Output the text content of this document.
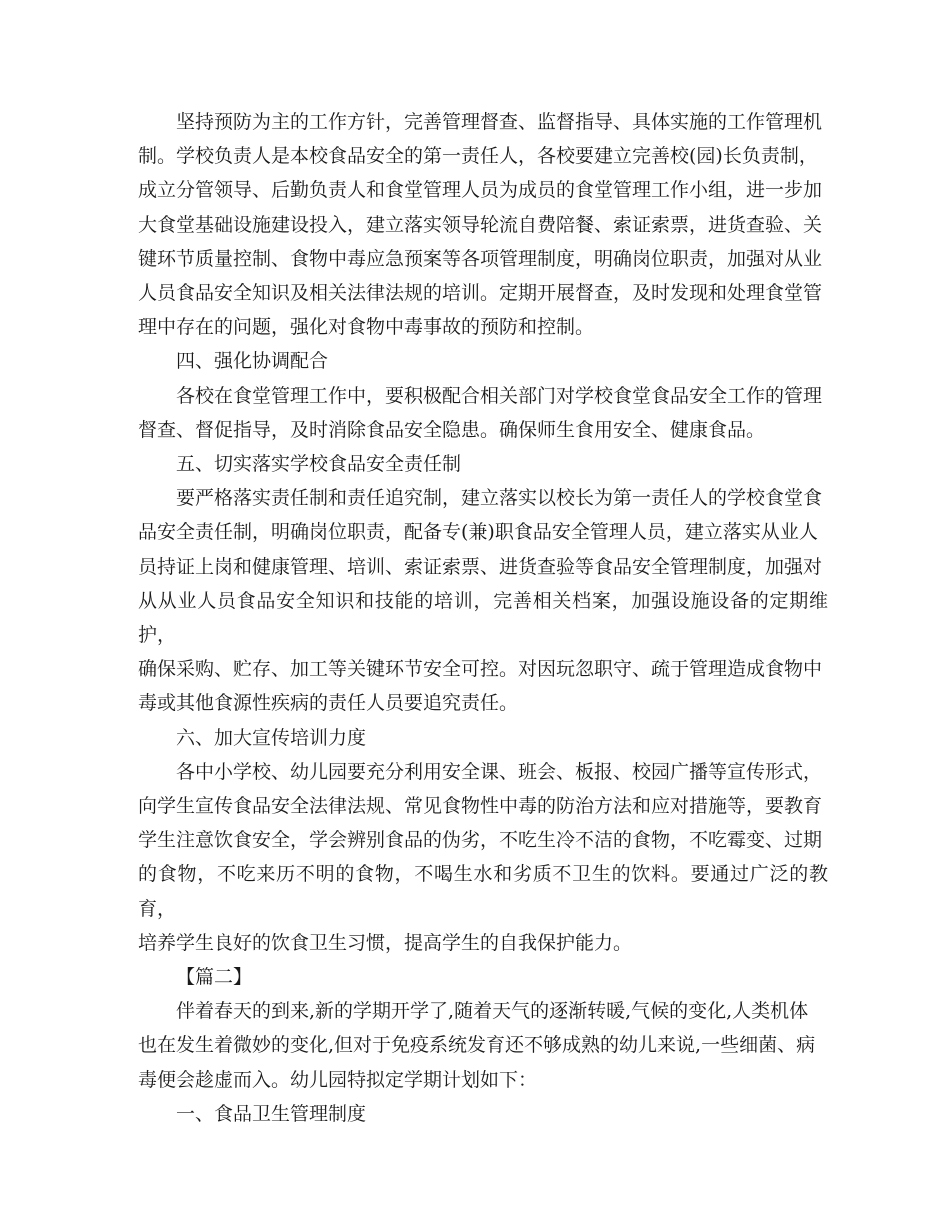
坚持预防为主的工作方针，完善管理督查、监督指导、具体实施的工作管理机
制。学校负责人是本校食品安全的第一责任人，各校要建立完善校(园)长负责制，
成立分管领导、后勤负责人和食堂管理人员为成员的食堂管理工作小组，进一步加
大食堂基础设施建设投入，建立落实领导轮流自费陪餐、索证索票，进货查验、关
键环节质量控制、食物中毒应急预案等各项管理制度，明确岗位职责，加强对从业
人员食品安全知识及相关法律法规的培训。定期开展督查，及时发现和处理食堂管
理中存在的问题，强化对食物中毒事故的预防和控制。

四、强化协调配合

各校在食堂管理工作中，要积极配合相关部门对学校食堂食品安全工作的管理
督查、督促指导，及时消除食品安全隐患。确保师生食用安全、健康食品。

五、切实落实学校食品安全责任制

要严格落实责任制和责任追究制，建立落实以校长为第一责任人的学校食堂食
品安全责任制，明确岗位职责，配备专(兼)职食品安全管理人员，建立落实从业人
员持证上岗和健康管理、培训、索证索票、进货查验等食品安全管理制度，加强对
从从业人员食品安全知识和技能的培训，完善相关档案，加强设施设备的定期维护，
确保采购、贮存、加工等关键环节安全可控。对因玩忽职守、疏于管理造成食物中
毒或其他食源性疾病的责任人员要追究责任。

六、加大宣传培训力度

各中小学校、幼儿园要充分利用安全课、班会、板报、校园广播等宣传形式，
向学生宣传食品安全法律法规、常见食物性中毒的防治方法和应对措施等，要教育
学生注意饮食安全，学会辨别食品的伪劣，不吃生冷不洁的食物，不吃霉变、过期
的食物，不吃来历不明的食物，不喝生水和劣质不卫生的饮料。要通过广泛的教育，
培养学生良好的饮食卫生习惯，提高学生的自我保护能力。

【篇二】

伴着春天的到来,新的学期开学了,随着天气的逐渐转暖,气候的变化,人类机体
也在发生着微妙的变化,但对于免疫系统发育还不够成熟的幼儿来说,一些细菌、病
毒便会趁虚而入。幼儿园特拟定学期计划如下：

一、食品卫生管理制度
